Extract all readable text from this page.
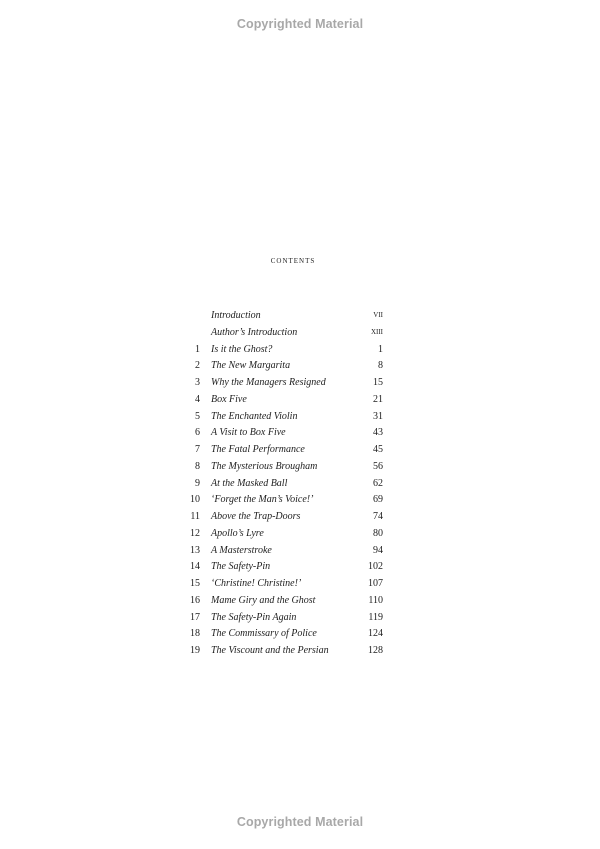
Copyrighted Material
contents
Introduction	vii
Author’s Introduction	xiii
1 Is it the Ghost?	1
2 The New Margarita	8
3 Why the Managers Resigned	15
4 Box Five	21
5 The Enchanted Violin	31
6 A Visit to Box Five	43
7 The Fatal Performance	45
8 The Mysterious Brougham	56
9 At the Masked Ball	62
10 ‘Forget the Man’s Voice!’	69
11 Above the Trap-Doors	74
12 Apollo’s Lyre	80
13 A Masterstroke	94
14 The Safety-Pin	102
15 ‘Christine! Christine!’	107
16 Mame Giry and the Ghost	110
17 The Safety-Pin Again	119
18 The Commissary of Police	124
19 The Viscount and the Persian	128
Copyrighted Material
